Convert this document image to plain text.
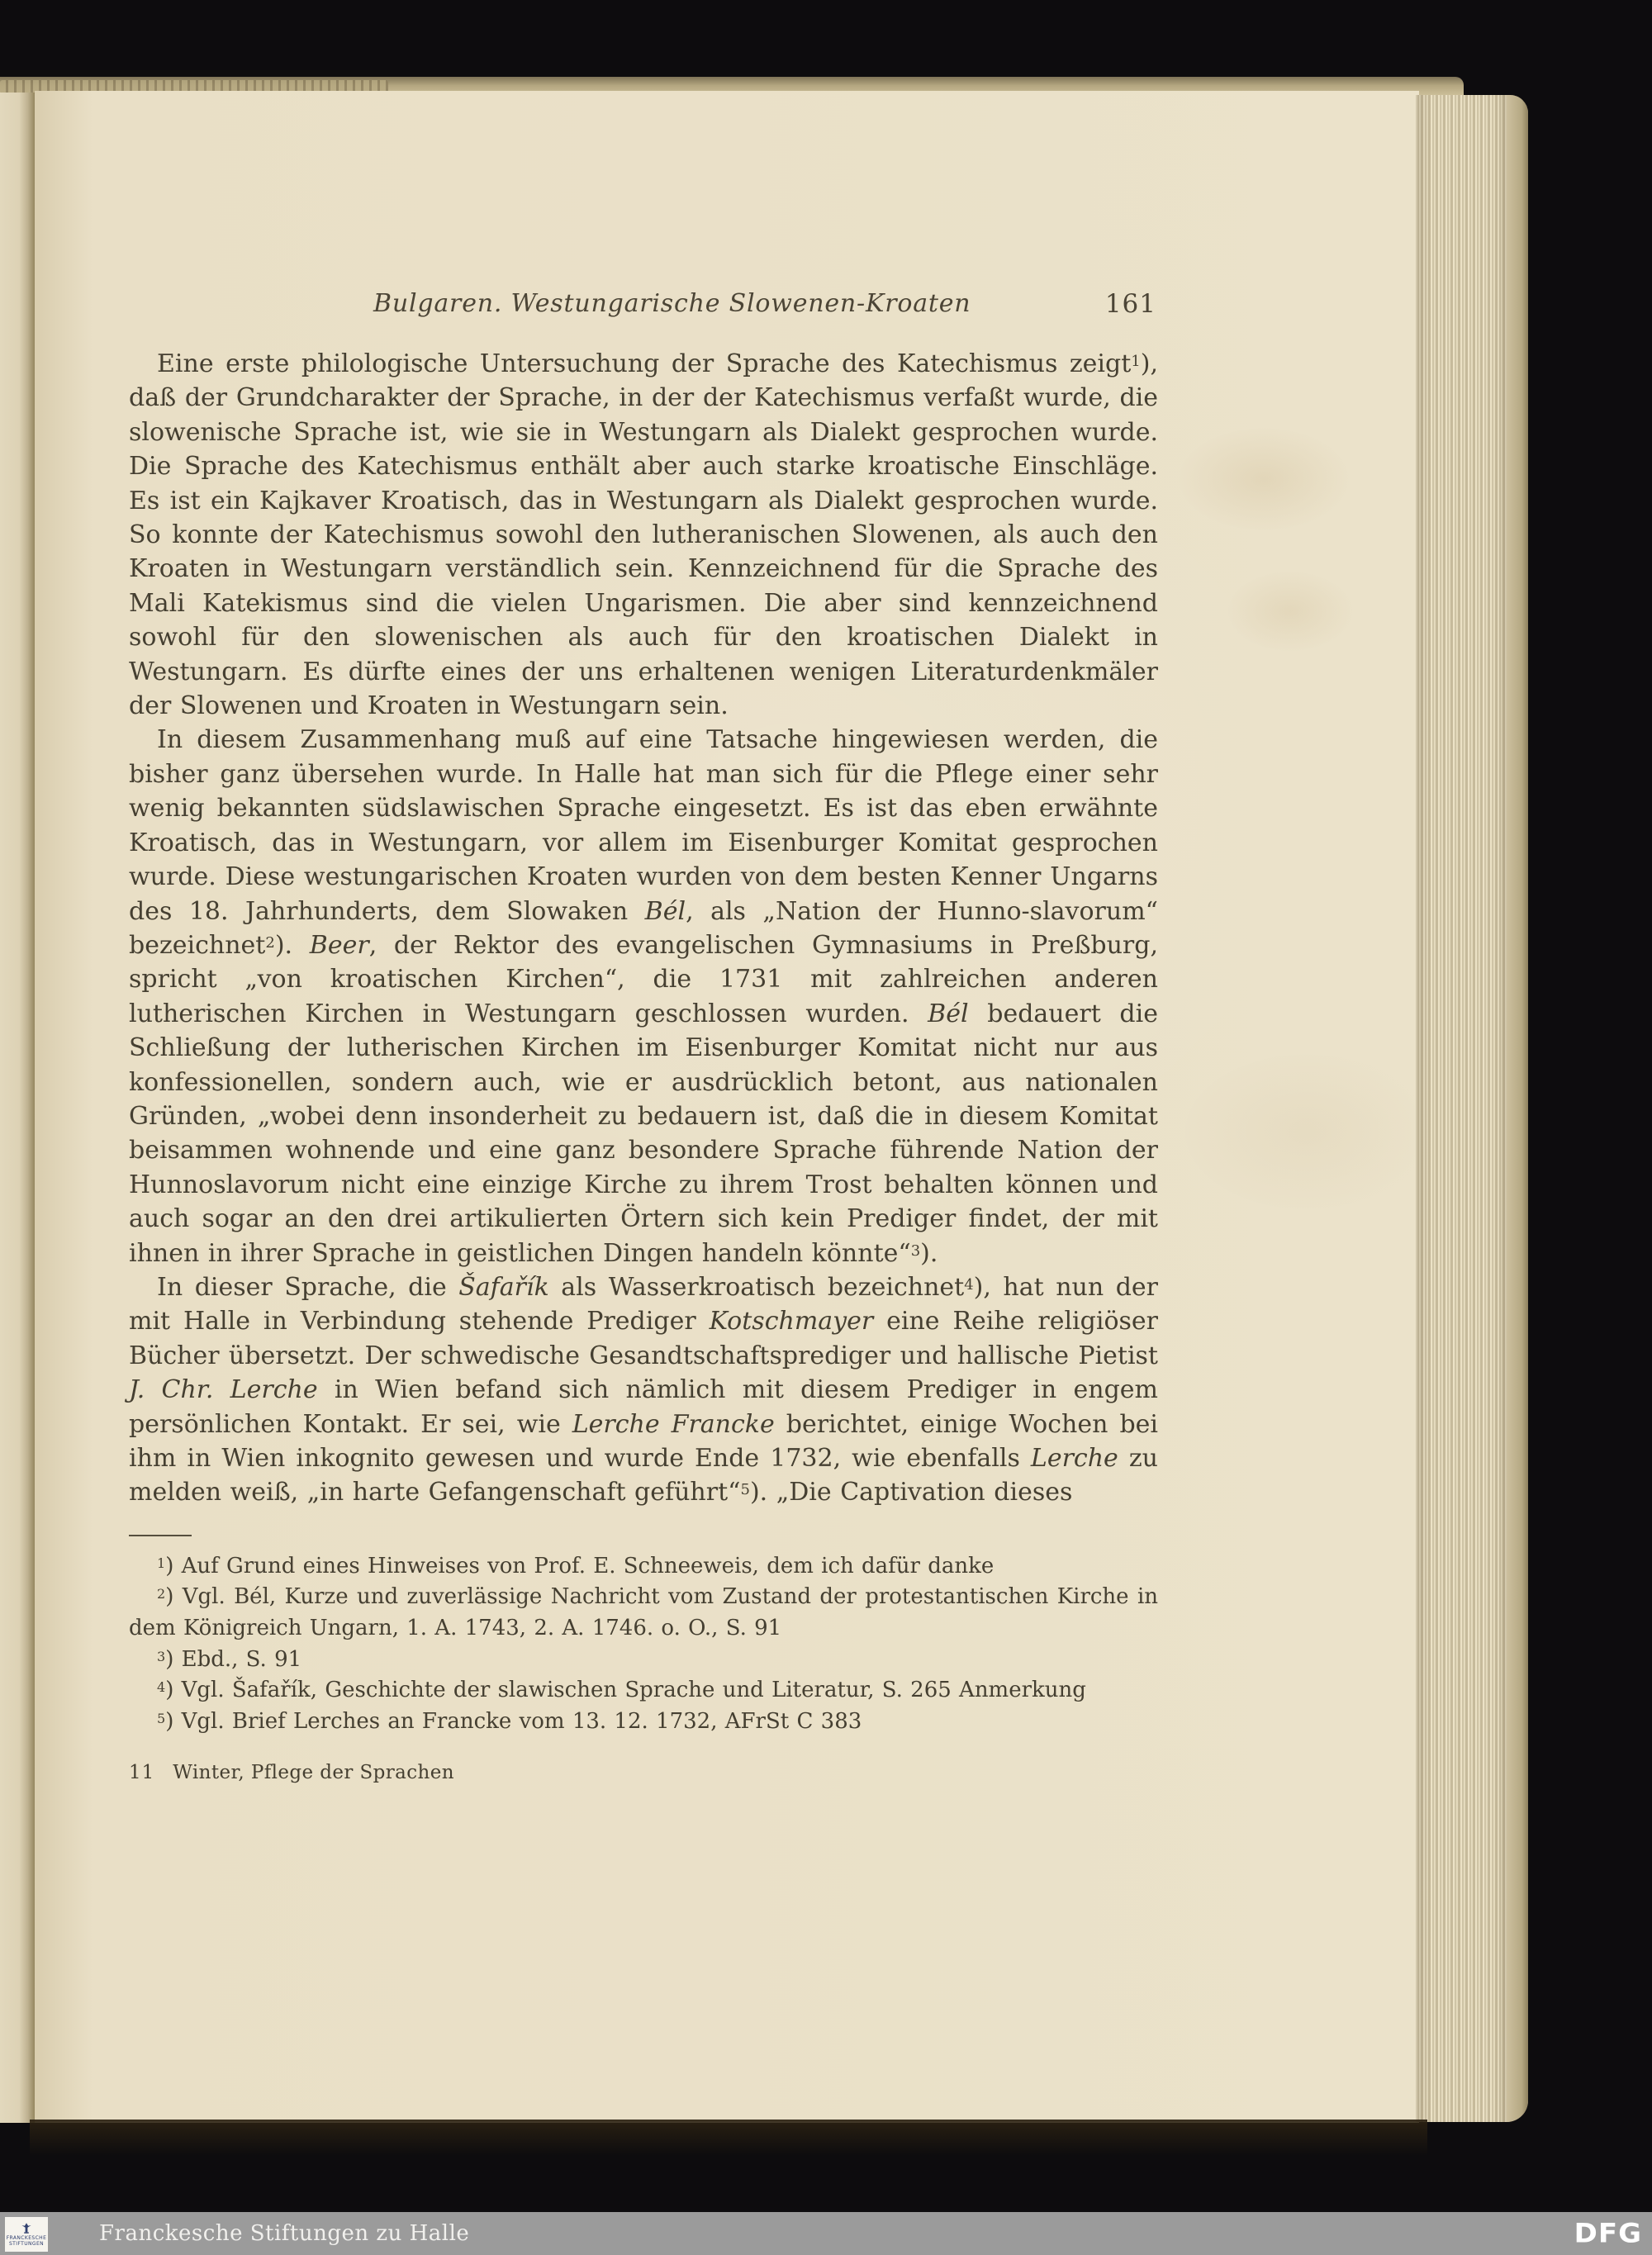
Bulgaren. Westungarische Slowenen-Kroaten	161

Eine erste philologische Untersuchung der Sprache des Katechismus zeigt$^1$), daß der Grundcharakter der Sprache, in der der Katechismus verfaßt wurde, die slowenische Sprache ist, wie sie in Westungarn als Dialekt gesprochen wurde. Die Sprache des Katechismus enthält aber auch starke kroatische Einschläge. Es ist ein Kajkaver Kroatisch, das in Westungarn als Dialekt gesprochen wurde. So konnte der Katechismus sowohl den lutheranischen Slowenen, als auch den Kroaten in Westungarn verständlich sein. Kennzeichnend für die Sprache des Mali Katekismus sind die vielen Ungarismen. Die aber sind kennzeichnend sowohl für den slowenischen als auch für den kroatischen Dialekt in Westungarn. Es dürfte eines der uns erhaltenen wenigen Literaturdenkmäler der Slowenen und Kroaten in Westungarn sein.

In diesem Zusammenhang muß auf eine Tatsache hingewiesen werden, die bisher ganz übersehen wurde. In Halle hat man sich für die Pflege einer sehr wenig bekannten südslawischen Sprache eingesetzt. Es ist das eben erwähnte Kroatisch, das in Westungarn, vor allem im Eisenburger Komitat gesprochen wurde. Diese westungarischen Kroaten wurden von dem besten Kenner Ungarns des 18. Jahrhunderts, dem Slowaken Bél, als „Nation der Hunno-slavorum“ bezeichnet$^2$). Beer, der Rektor des evangelischen Gymnasiums in Preßburg, spricht „von kroatischen Kirchen“, die 1731 mit zahlreichen anderen lutherischen Kirchen in Westungarn geschlossen wurden. Bél bedauert die Schließung der lutherischen Kirchen im Eisenburger Komitat nicht nur aus konfessionellen, sondern auch, wie er ausdrücklich betont, aus nationalen Gründen, „wobei denn insonderheit zu bedauern ist, daß die in diesem Komitat beisammen wohnende und eine ganz besondere Sprache führende Nation der Hunnoslavorum nicht eine einzige Kirche zu ihrem Trost behalten können und auch sogar an den drei artikulierten Örtern sich kein Prediger findet, der mit ihnen in ihrer Sprache in geistlichen Dingen handeln könnte“$^3$).

In dieser Sprache, die Šafařík als Wasserkroatisch bezeichnet$^4$), hat nun der mit Halle in Verbindung stehende Prediger Kotschmayer eine Reihe religiöser Bücher übersetzt. Der schwedische Gesandtschaftsprediger und hallische Pietist J. Chr. Lerche in Wien befand sich nämlich mit diesem Prediger in engem persönlichen Kontakt. Er sei, wie Lerche Francke berichtet, einige Wochen bei ihm in Wien inkognito gewesen und wurde Ende 1732, wie ebenfalls Lerche zu melden weiß, „in harte Gefangenschaft geführt“$^5$). „Die Captivation dieses

$^1$) Auf Grund eines Hinweises von Prof. E. Schneeweis, dem ich dafür danke

$^2$) Vgl. Bél, Kurze und zuverlässige Nachricht vom Zustand der protestantischen Kirche in dem Königreich Ungarn, 1. A. 1743, 2. A. 1746. o. O., S. 91

$^3$) Ebd., S. 91

$^4$) Vgl. Šafařík, Geschichte der slawischen Sprache und Literatur, S. 265 Anmerkung

$^5$) Vgl. Brief Lerches an Francke vom 13. 12. 1732, AFrSt C 383

11 Winter, Pflege der Sprachen

FRANCKESCHE
STIFTUNGEN	Franckesche Stiftungen zu Halle	DFG
